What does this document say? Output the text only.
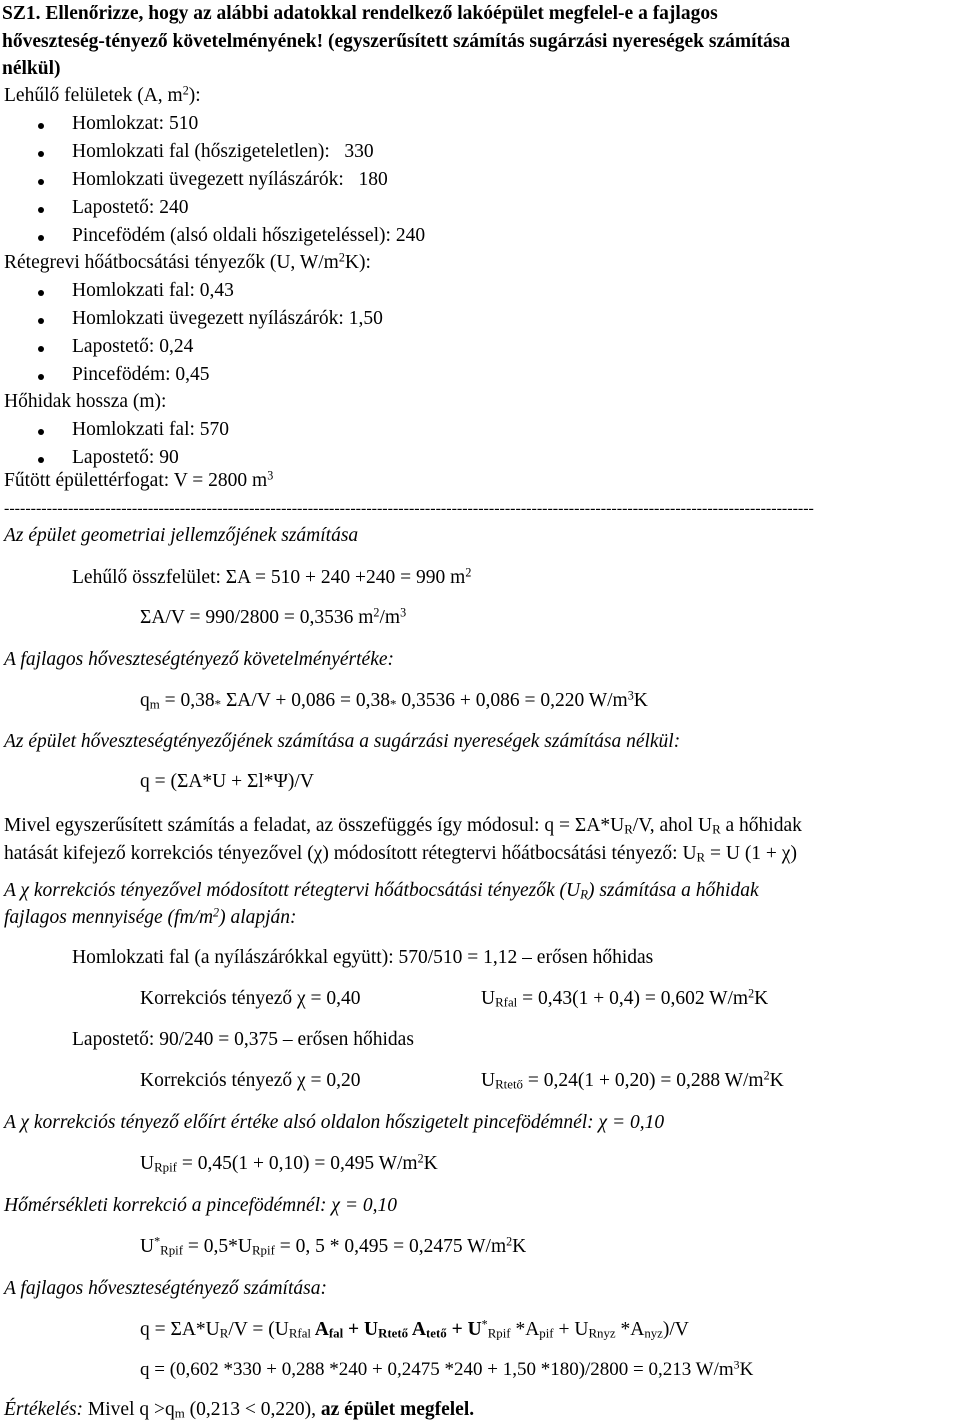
SZ1. Ellenőrizze, hogy az alábbi adatokkal rendelkező lakóépület megfelel-e a fajlagos
hőveszteség-tényező követelményének! (egyszerűsített számítás sugárzási nyereségek számítása
nélkül)
Lehűlő felületek (A, $m^2$):
Homlokzat: 510
Homlokzati fal (hőszigeteletlen):   330
Homlokzati üvegezett nyílászárók:   180
Lapostető: 240
Pincefödém (alsó oldali hőszigeteléssel): 240
Rétegrevi hőátbocsátási tényezők (U, $W/m^2K$):
Homlokzati fal: 0,43
Homlokzati üvegezett nyílászárók: 1,50
Lapostető: 0,24
Pincefödém: 0,45
Hőhidak hossza (m):
Homlokzati fal: 570
Lapostető: 90
Fűtött épülettérfogat: V = 2800 $m^3$
--------------------------------------------------------------------------------------------------------------------------------------------------------
Az épület geometriai jellemzőjének számítása
Lehűlő összfelület: ΣA = 510 + 240 +240 = 990 $m^2$
ΣA/V = 990/2800 = 0,3536 $m^2/m^3$
A fajlagos hőveszteségtényező követelményértéke:
$q_m = 0,38_*$ $\Sigma A/V + 0,086 = 0,38_*$ 0,3536 + 0,086 = 0,220 $W/m^3K$
Az épület hőveszteségtényezőjének számítása a sugárzási nyereségek számítása nélkül:
q = (ΣA*U + Σl*Ψ)/V
Mivel egyszerűsített számítás a feladat, az összefüggés így módosul: $q = \Sigma A*U_R/V$, ahol $U_R$ a hőhidak
hatását kifejező korrekciós tényezővel (χ) módosított rétegtervi hőátbocsátási tényező: $U_R = U$ (1 + χ)
A χ korrekciós tényezővel módosított rétegtervi hőátbocsátási tényezők $(U_R)$ számítása a hőhidak
fajlagos mennyisége $(fm/m^2)$ alapján:
Homlokzati fal (a nyílászárókkal együtt): 570/510 = 1,12 – erősen hőhidas
Korrekciós tényező χ = 0,40	$U_{Rfal} = 0,43(1 + 0,4) = 0,602$ $W/m^2K$
Lapostető: 90/240 = 0,375 – erősen hőhidas
Korrekciós tényező χ = 0,20	$U_{Rtető} = 0,24(1 + 0,20) = 0,288$ $W/m^2K$
A χ korrekciós tényező előírt értéke alsó oldalon hőszigetelt pincefödémnél: χ = 0,10
$U_{Rpif} = 0,45(1 + 0,10) = 0,495$ $W/m^2K$
Hőmérsékleti korrekció a pincefödémnél: χ = 0,10
$U^*_{Rpif} = 0,5*U_{Rpif} = 0$, 5 * 0,495 = 0,2475 $W/m^2K$
A fajlagos hőveszteségtényező számítása:
$q = \Sigma A*U_R/V = (U_{Rfal}$ $A_{fal} + U_{Rtető}$ $A_{tető} + U^*_{Rpif}$ $*A_{pif} + U_{Rnyz}$ $*A_{nyz})/V$
q = (0,602 *330 + 0,288 *240 + 0,2475 *240 + 1,50 *180)/2800 = 0,213 $W/m^3K$
Értékelés: Mivel $q >q_m$ (0,213 < 0,220), az épület megfelel.
